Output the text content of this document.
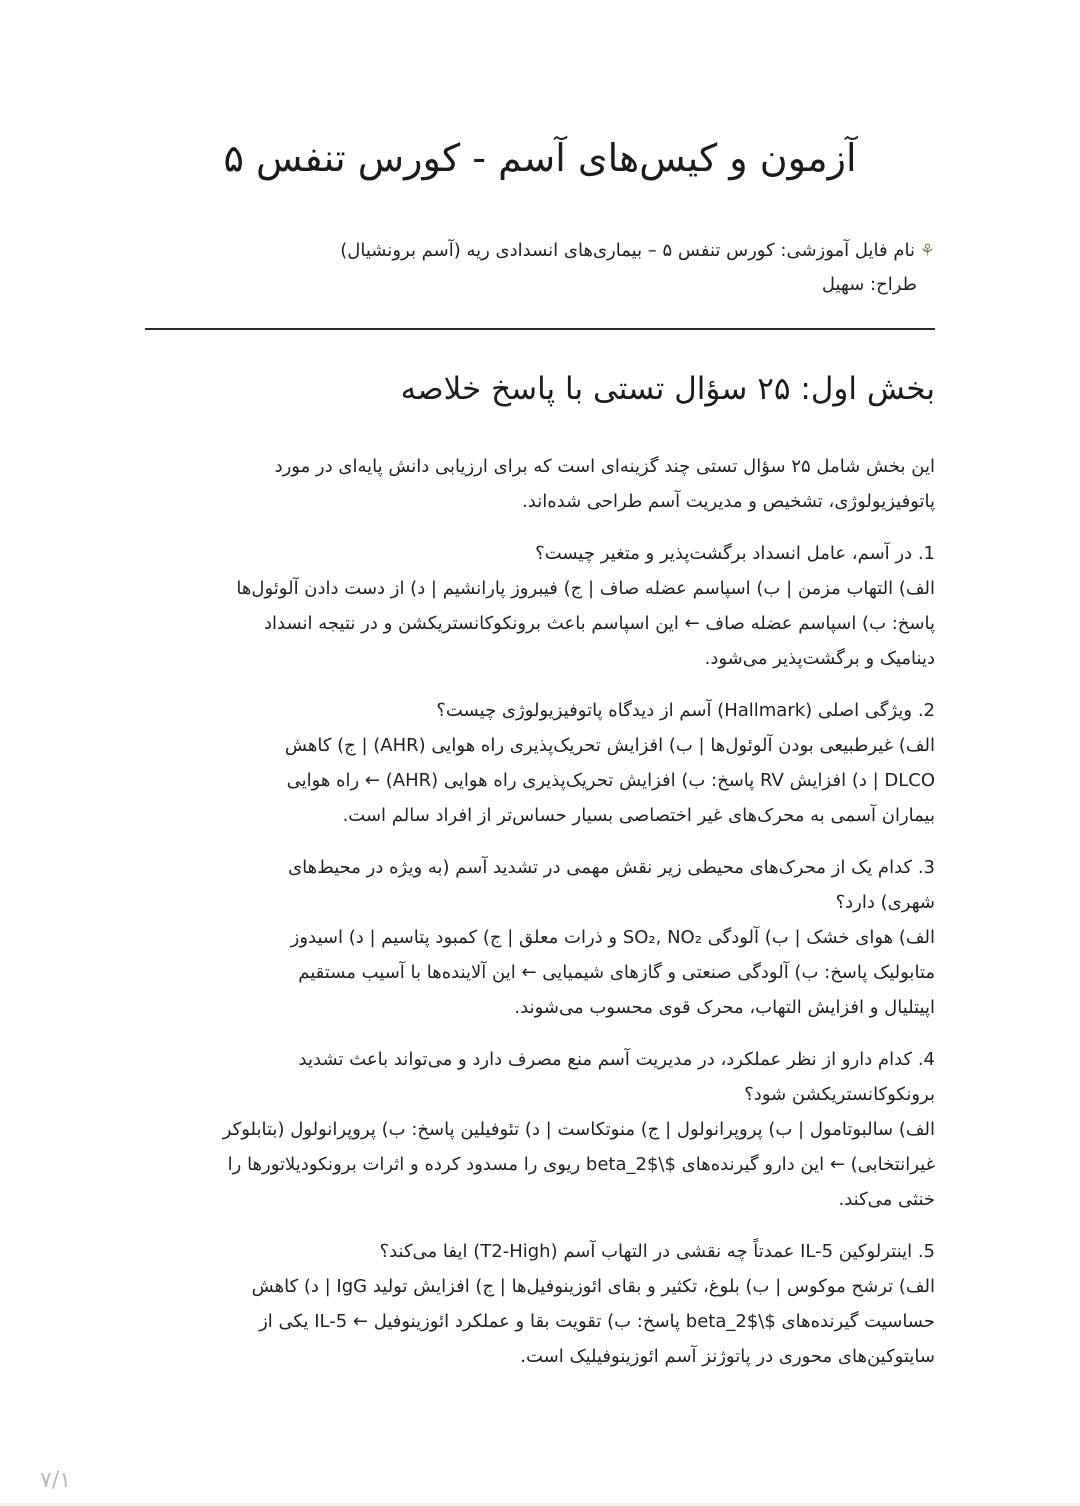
آزمون و کیس‌های آسم - کورس تنفس ۵
⚘نام فایل آموزشی: کورس تنفس ۵ – بیماری‌های انسدادی ریه (آسم برونشیال)
طراح: سهیل
بخش اول: ۲۵ سؤال تستی با پاسخ خلاصه

این بخش شامل ۲۵ سؤال تستی چند گزینه‌ای است که برای ارزیابی دانش پایه‌ای در مورد
پاتوفیزیولوژی، تشخیص و مدیریت آسم طراحی شده‌اند.

1. در آسم، عامل انسداد برگشت‌پذیر و متغیر چیست؟
الف) التهاب مزمن | ب) اسپاسم عضله صاف | ج) فیبروز پارانشیم | د) از دست دادن آلوئول‌ها
پاسخ: ب) اسپاسم عضله صاف ← این اسپاسم باعث برونکوکانستریکشن و در نتیجه انسداد
دینامیک و برگشت‌پذیر می‌شود.

2. ویژگی اصلی (Hallmark) آسم از دیدگاه پاتوفیزیولوژی چیست؟
الف) غیرطبیعی بودن آلوئول‌ها | ب) افزایش تحریک‌پذیری راه هوایی (AHR) | ج) کاهش
DLCO | د) افزایش RV پاسخ: ب) افزایش تحریک‌پذیری راه هوایی (AHR) ← راه هوایی
بیماران آسمی به محرک‌های غیر اختصاصی بسیار حساس‌تر از افراد سالم است.

3. کدام یک از محرک‌های محیطی زیر نقش مهمی در تشدید آسم (به ویژه در محیط‌های
شهری) دارد؟
الف) هوای خشک | ب) آلودگی SO₂, NO₂ و ذرات معلق | ج) کمبود پتاسیم | د) اسیدوز
متابولیک پاسخ: ب) آلودگی صنعتی و گازهای شیمیایی ← این آلاینده‌ها با آسیب مستقیم
اپیتلیال و افزایش التهاب، محرک قوی محسوب می‌شوند.

4. کدام دارو از نظر عملکرد، در مدیریت آسم منع مصرف دارد و می‌تواند باعث تشدید
برونکوکانستریکشن شود؟
الف) سالبوتامول | ب) پروپرانولول | ج) منوتکاست | د) تئوفیلین پاسخ: ب) پروپرانولول (بتابلوکر
غیرانتخابی) ← این دارو گیرنده‌های $\beta_2$ ریوی را مسدود کرده و اثرات برونکودیلاتورها را
خنثی می‌کند.

5. اینترلوکین IL-5 عمدتاً چه نقشی در التهاب آسم (T2-High) ایفا می‌کند؟
الف) ترشح موکوس | ب) بلوغ، تکثیر و بقای ائوزینوفیل‌ها | ج) افزایش تولید IgG | د) کاهش
حساسیت گیرنده‌های $\beta_2$ پاسخ: ب) تقویت بقا و عملکرد ائوزینوفیل ← IL-5 یکی از
سایتوکین‌های محوری در پاتوژنز آسم ائوزینوفیلیک است.

۷/۱
